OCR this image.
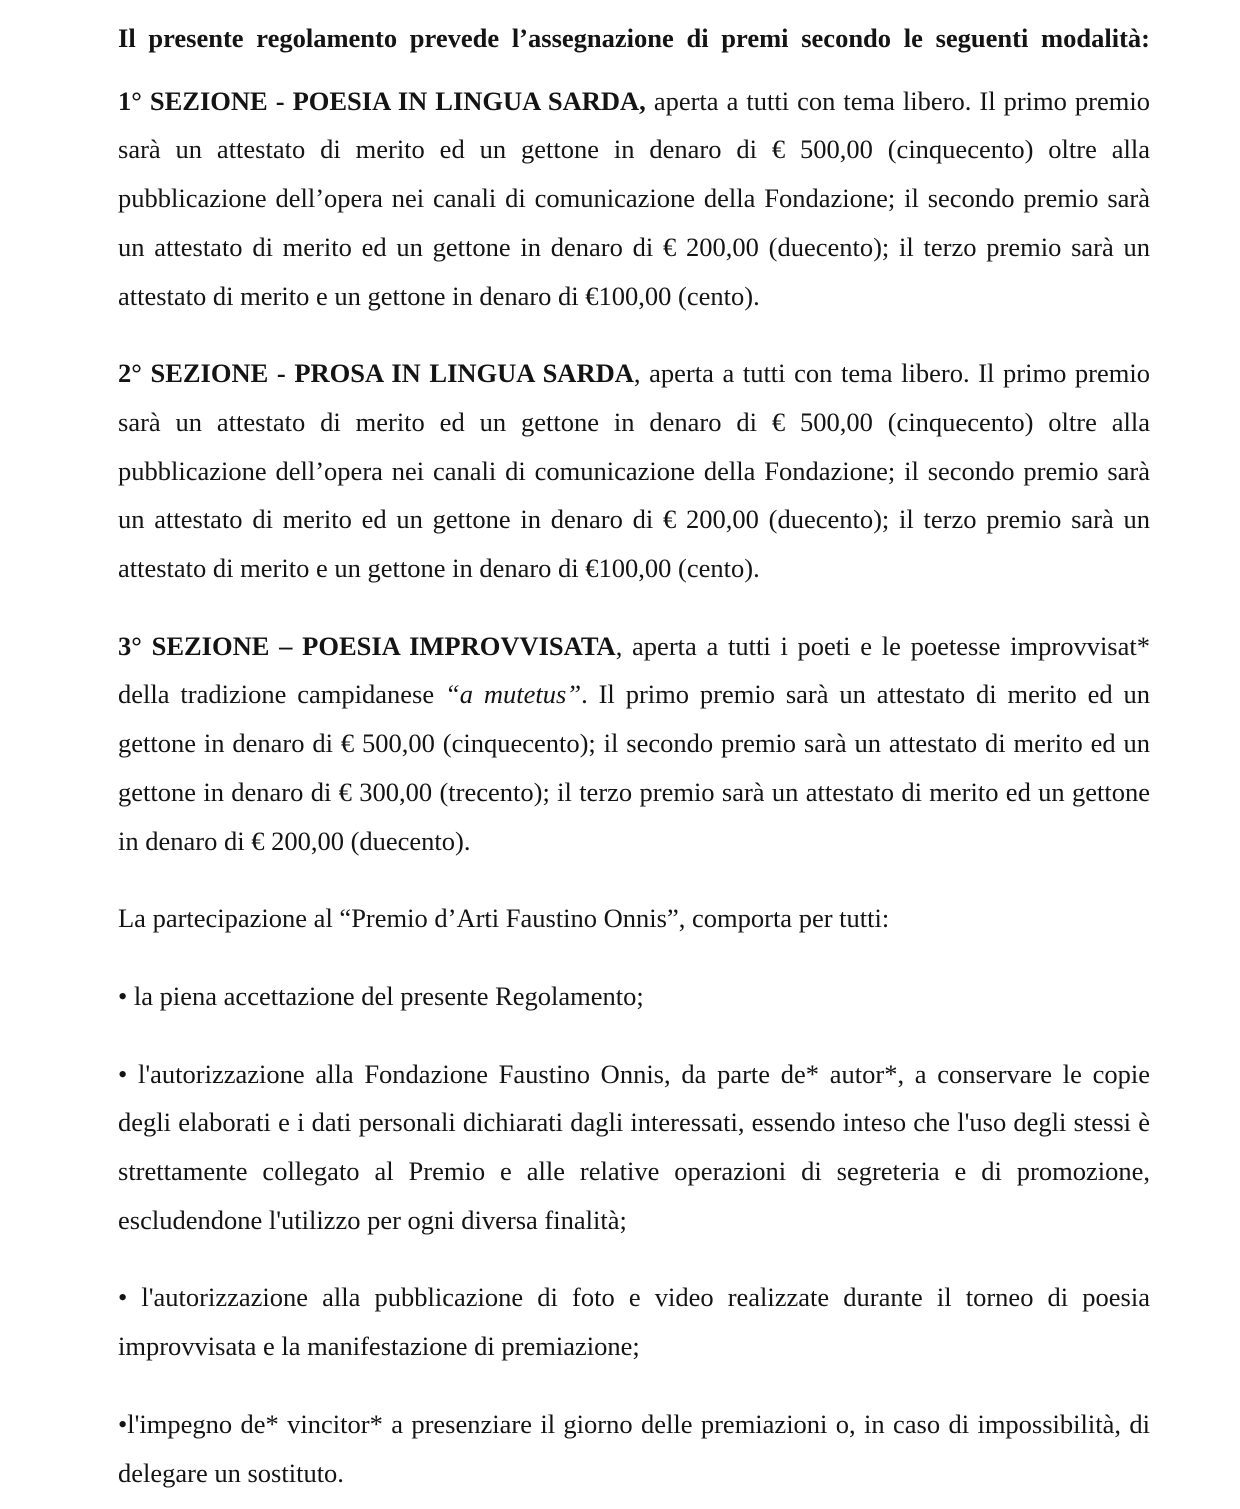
Il presente regolamento prevede l’assegnazione di premi secondo le seguenti modalità:

1° SEZIONE - POESIA IN LINGUA SARDA, aperta a tutti con tema libero. Il primo premio sarà un attestato di merito ed un gettone in denaro di € 500,00 (cinquecento) oltre alla pubblicazione dell’opera nei canali di comunicazione della Fondazione; il secondo premio sarà un attestato di merito ed un gettone in denaro di € 200,00 (duecento); il terzo premio sarà un attestato di merito e un gettone in denaro di €100,00 (cento).

2° SEZIONE - PROSA IN LINGUA SARDA, aperta a tutti con tema libero. Il primo premio sarà un attestato di merito ed un gettone in denaro di € 500,00 (cinquecento) oltre alla pubblicazione dell’opera nei canali di comunicazione della Fondazione; il secondo premio sarà un attestato di merito ed un gettone in denaro di € 200,00 (duecento); il terzo premio sarà un attestato di merito e un gettone in denaro di €100,00 (cento).

3° SEZIONE – POESIA IMPROVVISATA, aperta a tutti i poeti e le poetesse improvvisat* della tradizione campidanese “a mutetus”. Il primo premio sarà un attestato di merito ed un gettone in denaro di € 500,00 (cinquecento); il secondo premio sarà un attestato di merito ed un gettone in denaro di € 300,00 (trecento); il terzo premio sarà un attestato di merito ed un gettone in denaro di € 200,00 (duecento).

La partecipazione al “Premio d’Arti Faustino Onnis”, comporta per tutti:

• la piena accettazione del presente Regolamento;

• l'autorizzazione alla Fondazione Faustino Onnis, da parte de* autor*, a conservare le copie degli elaborati e i dati personali dichiarati dagli interessati, essendo inteso che l'uso degli stessi è strettamente collegato al Premio e alle relative operazioni di segreteria e di promozione, escludendone l'utilizzo per ogni diversa finalità;

• l'autorizzazione alla pubblicazione di foto e video realizzate durante il torneo di poesia improvvisata e la manifestazione di premiazione;

•l'impegno de* vincitor* a presenziare il giorno delle premiazioni o, in caso di impossibilità, di delegare un sostituto.
